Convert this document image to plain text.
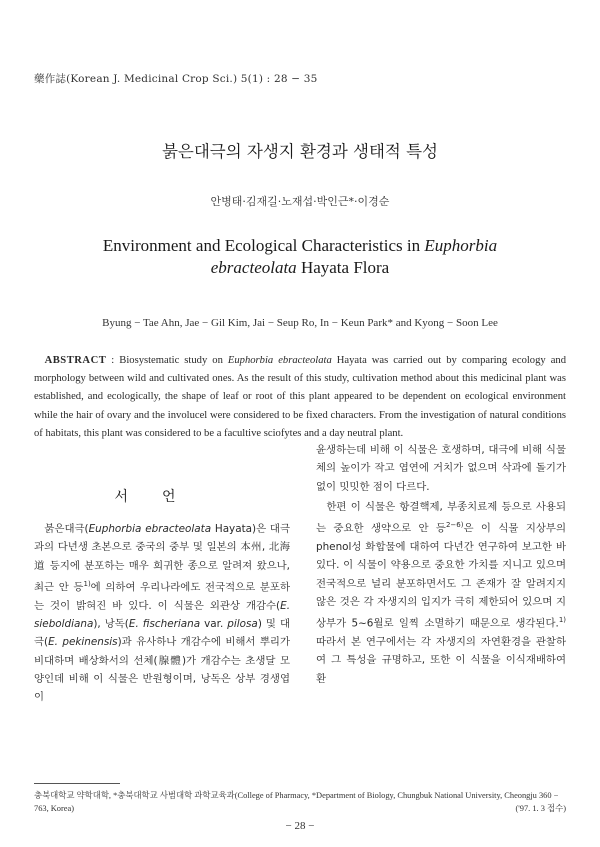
藥作誌(Korean J. Medicinal Crop Sci.) 5(1) : 28 − 35
붉은대극의 자생지 환경과 생태적 특성
안병태·김재길·노재섭·박인근*·이경순
Environment and Ecological Characteristics in Euphorbia
ebracteolata Hayata Flora
Byung − Tae Ahn, Jae − Gil Kim, Jai − Seup Ro, In − Keun Park* and Kyong − Soon Lee

ABSTRACT : Biosystematic study on Euphorbia ebracteolata Hayata was carried out by comparing ecology and morphology between wild and cultivated ones. As the result of this study, cultivation method about this medicinal plant was established, and ecologically, the shape of leaf or root of this plant appeared to be dependent on ecological environment while the hair of ovary and the involucel were considered to be fixed characters. From the investigation of natural conditions of habitats, this plant was considered to be a facultive sciofytes and a day neutral plant.

서언

붉은대극(Euphorbia ebracteolata Hayata)은 대극과의 다년생 초본으로 중국의 중부 및 일본의 本州, 北海道 등지에 분포하는 매우 희귀한 종으로 알려져 왔으나, 최근 안 등$^{1)}$에 의하여 우리나라에도 전국적으로 분포하는 것이 밝혀진 바 있다. 이 식물은 외관상 개감수(E. sieboldiana), 낭독(E. fischeriana var. pilosa) 및 대극(E. pekinensis)과 유사하나 개감수에 비해서 뿌리가 비대하며 배상화서의 선체(腺體)가 개감수는 초생달 모양인데 비해 이 식물은 반원형이며, 낭독은 상부 경생엽이

윤생하는데 비해 이 식물은 호생하며, 대극에 비해 식물체의 높이가 작고 엽연에 거치가 없으며 삭과에 돌기가 없이 밋밋한 점이 다르다.

한편 이 식물은 항결핵제, 부종치료제 등으로 사용되는 중요한 생약으로 안 등$^{2-6)}$은 이 식물 지상부의 phenol성 화합물에 대하여 다년간 연구하여 보고한 바 있다. 이 식물이 약용으로 중요한 가치를 지니고 있으며 전국적으로 널리 분포하면서도 그 존재가 잘 알려지지 않은 것은 각 자생지의 입지가 극히 제한되어 있으며 지상부가 5∼6월로 일찍 소멸하기 때문으로 생각된다.$^{1)}$ 따라서 본 연구에서는 각 자생지의 자연환경을 관찰하여 그 특성을 규명하고, 또한 이 식물을 이식재배하여 환

충북대학교 약학대학, *충북대학교 사범대학 과학교육과(College of Pharmacy, *Department of Biology, Chungbuk National University, Cheongju 360 − 763, Korea)	('97. 1. 3 접수)
− 28 −
